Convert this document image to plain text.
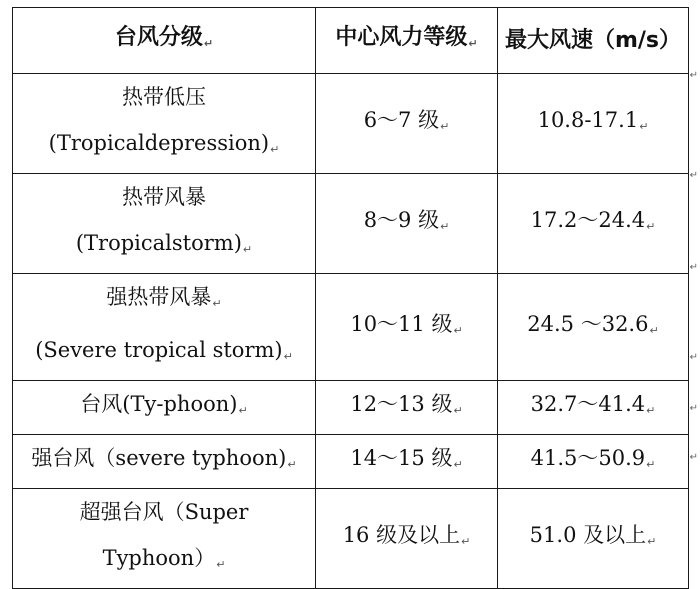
台风分级↵	中心风力等级↵	最大风速（m/s）

热带低压
(Tropicaldepression)↵	6～7 级↵	10.8-17.1↵

热带风暴
(Tropicalstorm)↵	8～9 级↵	17.2～24.4↵

强热带风暴↵
(Severe tropical storm)↵	10～11 级↵	24.5 ～32.6↵
台风(Ty-phoon)↵	12～13 级↵	32.7～41.4↵
强台风（severe typhoon)↵	14～15 级↵	41.5～50.9↵

超强台风（Super
Typhoon）↵	16 级及以上↵	51.0 及以上↵
↵
↵
↵
↵
↵
↵
